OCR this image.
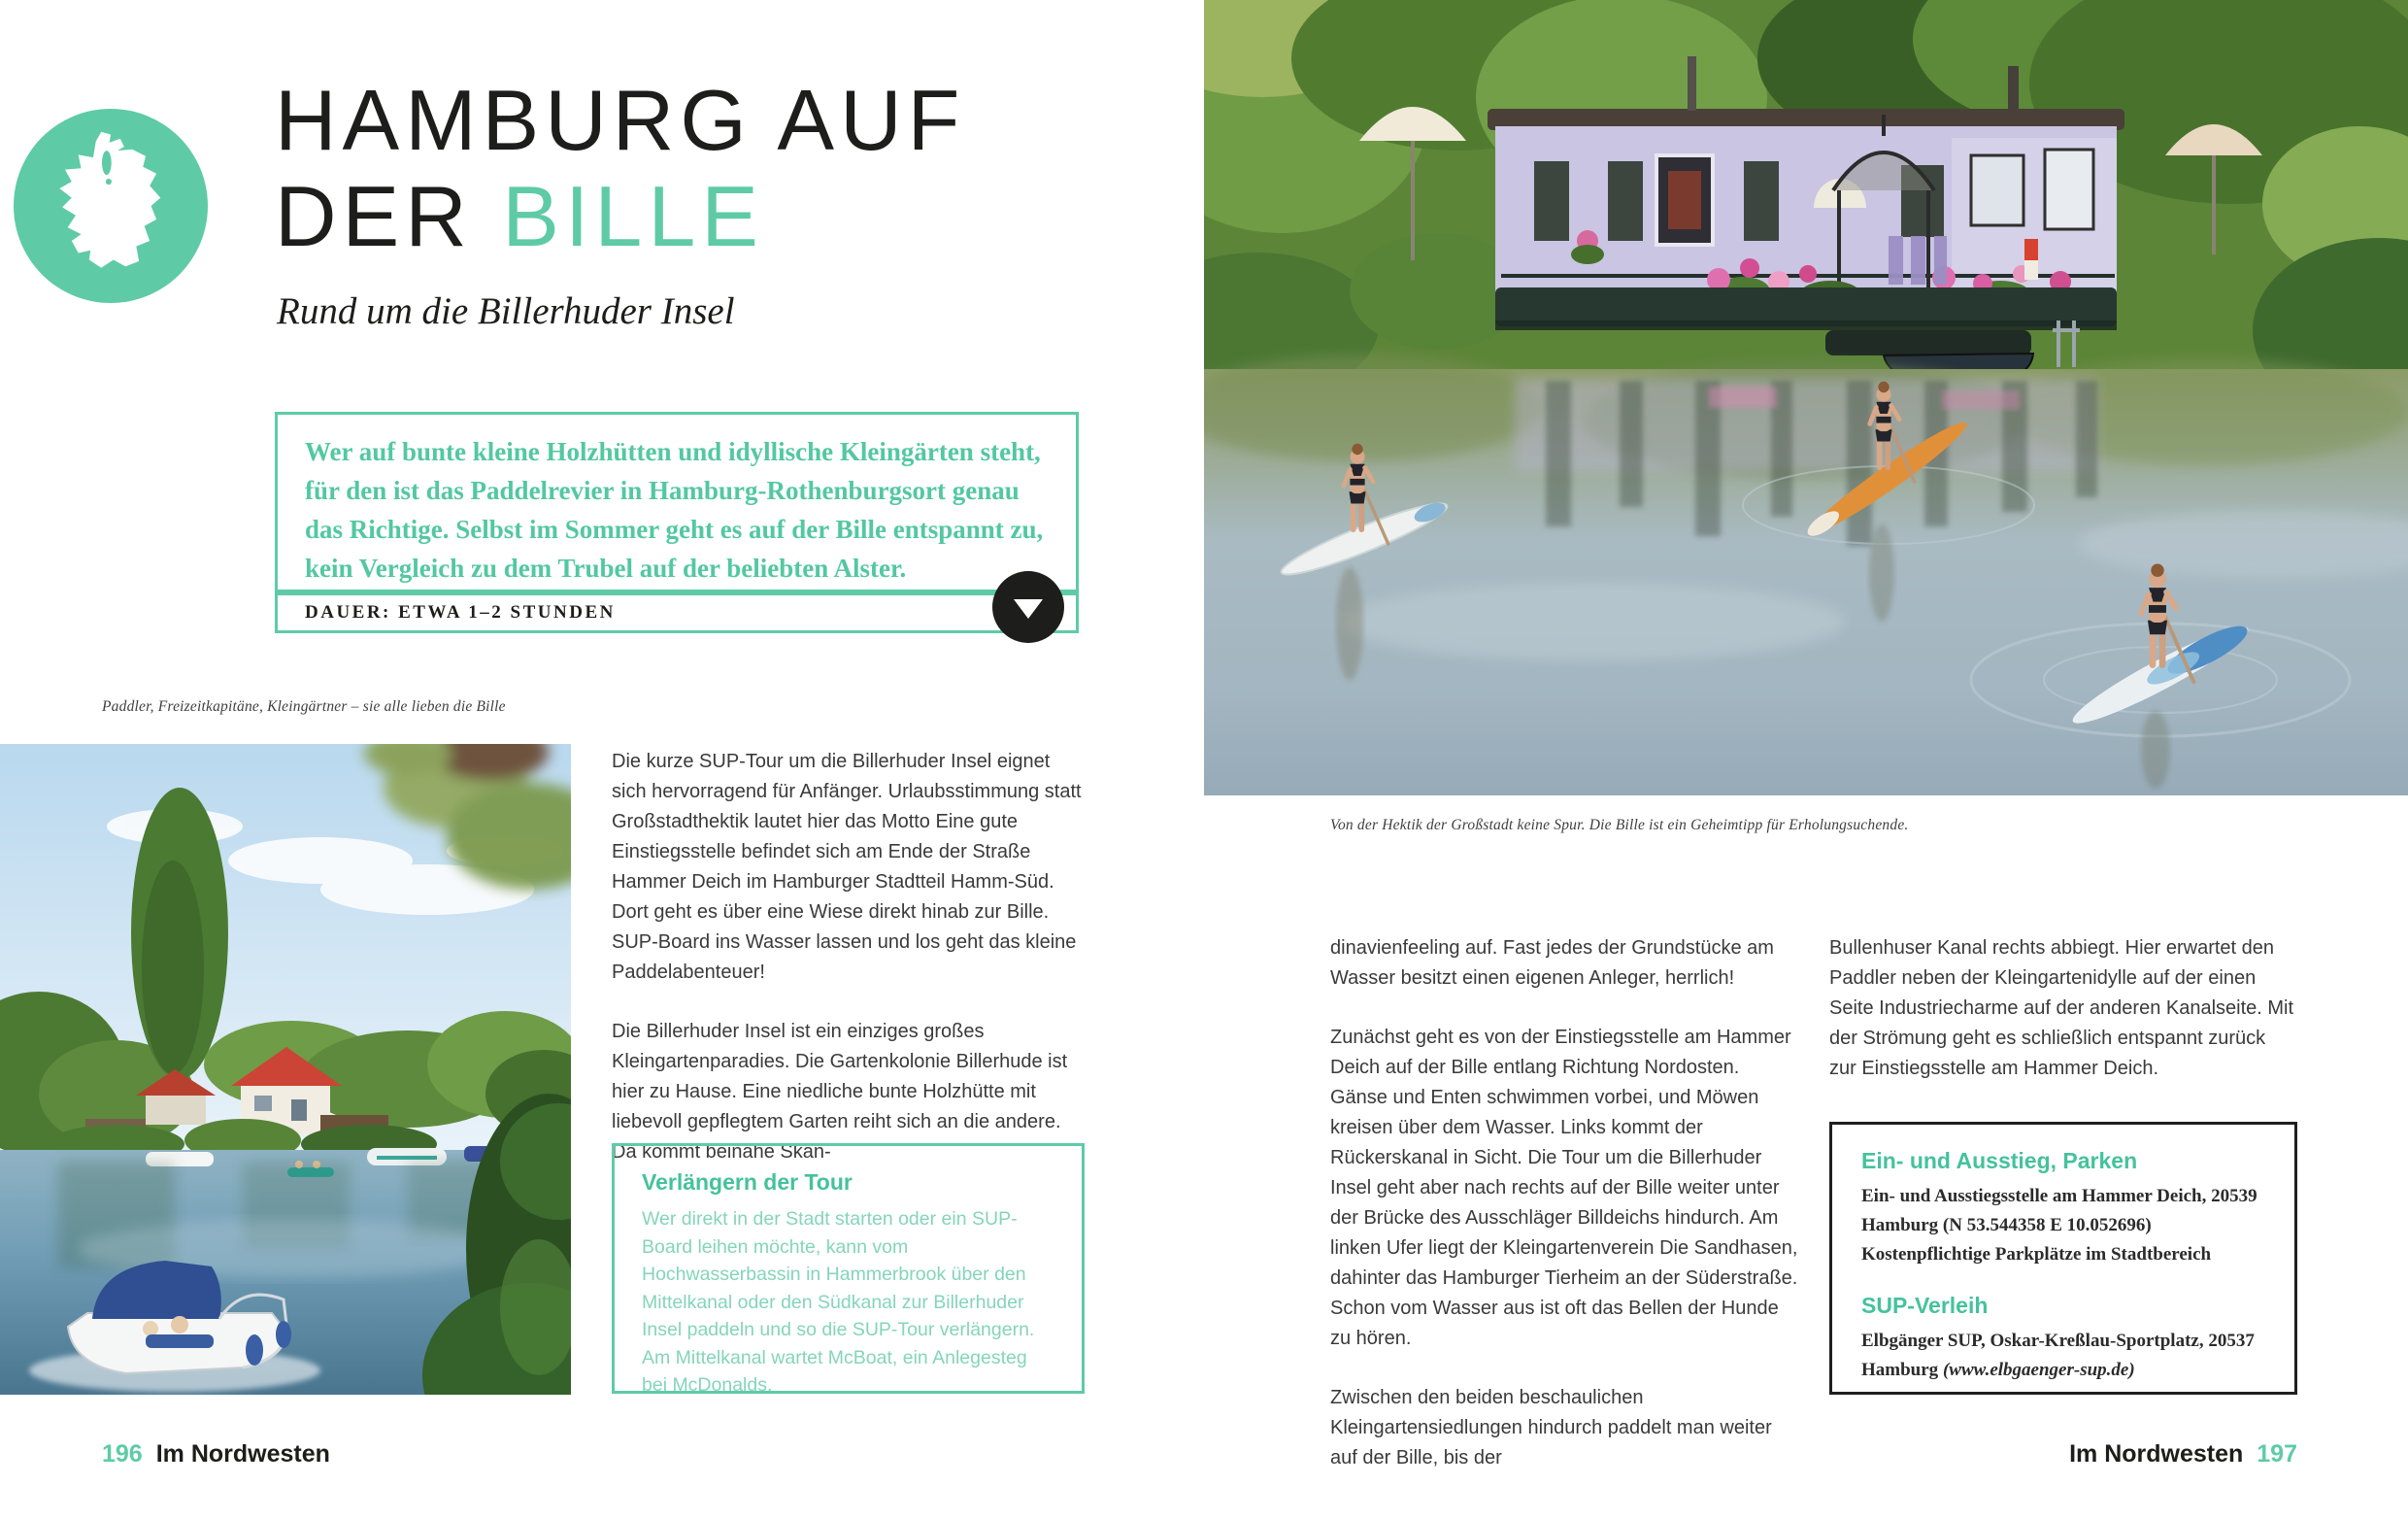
HAMBURG AUF
DER BILLE
Rund um die Billerhuder Insel

Wer auf bunte kleine Holzhütten und idyllische Kleingärten steht, für den ist das Paddelrevier in Hamburg-Rothenburgsort genau das Richtige. Selbst im Sommer geht es auf der Bille entspannt zu, kein Vergleich zu dem Trubel auf der beliebten Alster.

DAUER: ETWA 1–2 STUNDEN
Paddler, Freizeitkapitäne, Kleingärtner – sie alle lieben die Bille

Die kurze SUP-Tour um die Billerhuder Insel eignet sich hervorragend für Anfänger. Urlaubsstimmung statt Großstadthektik lautet hier das Motto Eine gute Einstiegsstelle befindet sich am Ende der Straße Hammer Deich im Hamburger Stadtteil Hamm-Süd. Dort geht es über eine Wiese direkt hinab zur Bille. SUP-Board ins Wasser lassen und los geht das kleine Paddelabenteuer!

Die Billerhuder Insel ist ein einziges großes Kleingartenparadies. Die Gartenkolonie Billerhude ist hier zu Hause. Eine niedliche bunte Holzhütte mit liebevoll gepflegtem Garten reiht sich an die andere. Da kommt beinahe Skan-

Verlängern der Tour

Wer direkt in der Stadt starten oder ein SUP-Board leihen möchte, kann vom Hochwasserbassin in Hammerbrook über den Mittelkanal oder den Südkanal zur Billerhuder Insel paddeln und so die SUP-Tour verlängern. Am Mittelkanal wartet McBoat, ein Anlegesteg bei McDonalds.

Von der Hektik der Großstadt keine Spur. Die Bille ist ein Geheimtipp für Erholungsuchende.

dinavienfeeling auf. Fast jedes der Grundstücke am Wasser besitzt einen eigenen Anleger, herrlich!

Zunächst geht es von der Einstiegsstelle am Hammer Deich auf der Bille entlang Richtung Nordosten. Gänse und Enten schwimmen vorbei, und Möwen kreisen über dem Wasser. Links kommt der Rückerskanal in Sicht. Die Tour um die Billerhuder Insel geht aber nach rechts auf der Bille weiter unter der Brücke des Ausschläger Billdeichs hindurch. Am linken Ufer liegt der Kleingartenverein Die Sandhasen, dahinter das Hamburger Tierheim an der Süderstraße. Schon vom Wasser aus ist oft das Bellen der Hunde zu hören.

Zwischen den beiden beschaulichen Kleingartensiedlungen hindurch paddelt man weiter auf der Bille, bis der

Bullenhuser Kanal rechts abbiegt. Hier erwartet den Paddler neben der Kleingartenidylle auf der einen Seite Industriecharme auf der anderen Kanalseite. Mit der Strömung geht es schließlich entspannt zurück zur Einstiegsstelle am Hammer Deich.

Ein- und Ausstieg, Parken

Ein- und Ausstiegsstelle am Hammer Deich, 20539 Hamburg (N 53.544358 E 10.052696)

Kostenpflichtige Parkplätze im Stadtbereich

SUP-Verleih

Elbgänger SUP, Oskar-Kreßlau-Sportplatz, 20537 Hamburg (www.elbgaenger-sup.de)

196 Im Nordwesten	Im Nordwesten 197
